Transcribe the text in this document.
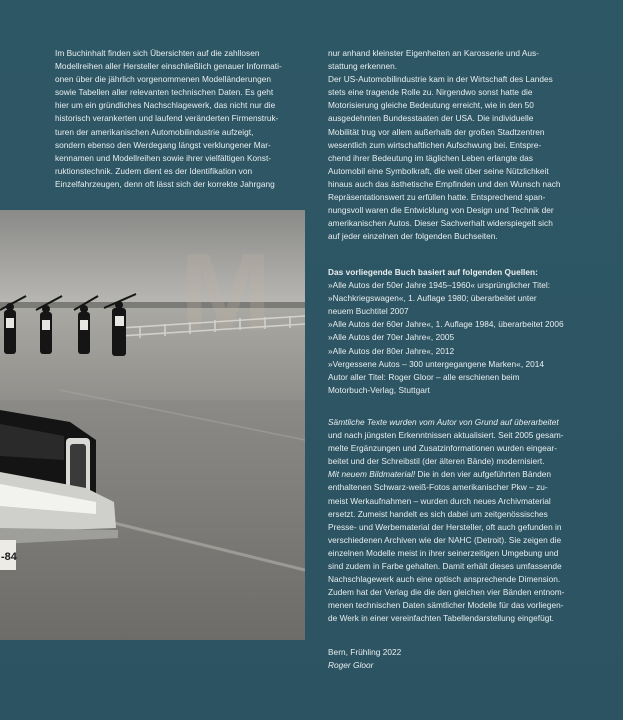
Im Buchinhalt finden sich Übersichten auf die zahllosen

Modellreihen aller Hersteller einschließlich genauer Informati-

onen über die jährlich vorgenommenen Modelländerungen

sowie Tabellen aller relevanten technischen Daten. Es geht

hier um ein gründliches Nachschlagewerk, das nicht nur die

historisch verankerten und laufend veränderten Firmenstruk-

turen der amerikanischen Automobilindustrie aufzeigt,

sondern ebenso den Werdegang längst verklungener Mar-

kennamen und Modellreihen sowie ihrer vielfältigen Konst-

ruktionstechnik. Zudem dient es der Identifikation von

Einzelfahrzeugen, denn oft lässt sich der korrekte Jahrgang

M
-84

nur anhand kleinster Eigenheiten an Karosserie und Aus-

stattung erkennen.

Der US-Automobilindustrie kam in der Wirtschaft des Landes

stets eine tragende Rolle zu. Nirgendwo sonst hatte die

Motorisierung gleiche Bedeutung erreicht, wie in den 50

ausgedehnten Bundesstaaten der USA. Die individuelle

Mobilität trug vor allem außerhalb der großen Stadtzentren

wesentlich zum wirtschaftlichen Aufschwung bei. Entspre-

chend ihrer Bedeutung im täglichen Leben erlangte das

Automobil eine Symbolkraft, die weit über seine Nützlichkeit

hinaus auch das ästhetische Empfinden und den Wunsch nach

Repräsentationswert zu erfüllen hatte. Entsprechend span-

nungsvoll waren die Entwicklung von Design und Technik der

amerikanischen Autos. Dieser Sachverhalt widerspiegelt sich

auf jeder einzelnen der folgenden Buchseiten.

Das vorliegende Buch basiert auf folgenden Quellen:

»Alle Autos der 50er Jahre 1945–1960« ursprünglicher Titel:

»Nachkriegswagen«, 1. Auflage 1980; überarbeitet unter

neuem Buchtitel 2007

»Alle Autos der 60er Jahre«, 1. Auflage 1984, überarbeitet 2006

»Alle Autos der 70er Jahre«, 2005

»Alle Autos der 80er Jahre«, 2012

»Vergessene Autos – 300 untergegangene Marken«, 2014

Autor aller Titel: Roger Gloor – alle erschienen beim

Motorbuch-Verlag, Stuttgart

Sämtliche Texte wurden vom Autor von Grund auf überarbeitet

und nach jüngsten Erkenntnissen aktualisiert. Seit 2005 gesam-

melte Ergänzungen und Zusatzinformationen wurden eingear-

beitet und der Schreibstil (der älteren Bände) modernisiert.

Mit neuem Bildmaterial! Die in den vier aufgeführten Bänden

enthaltenen Schwarz-weiß-Fotos amerikanischer Pkw – zu-

meist Werkaufnahmen – wurden durch neues Archivmaterial

ersetzt. Zumeist handelt es sich dabei um zeitgenössisches

Presse- und Werbematerial der Hersteller, oft auch gefunden in

verschiedenen Archiven wie der NAHC (Detroit). Sie zeigen die

einzelnen Modelle meist in ihrer seinerzeitigen Umgebung und

sind zudem in Farbe gehalten. Damit erhält dieses umfassende

Nachschlagewerk auch eine optisch ansprechende Dimension.

Zudem hat der Verlag die die den gleichen vier Bänden entnom-

menen technischen Daten sämtlicher Modelle für das vorliegen-

de Werk in einer vereinfachten Tabellendarstellung eingefügt.

Bern, Frühling 2022

Roger Gloor
